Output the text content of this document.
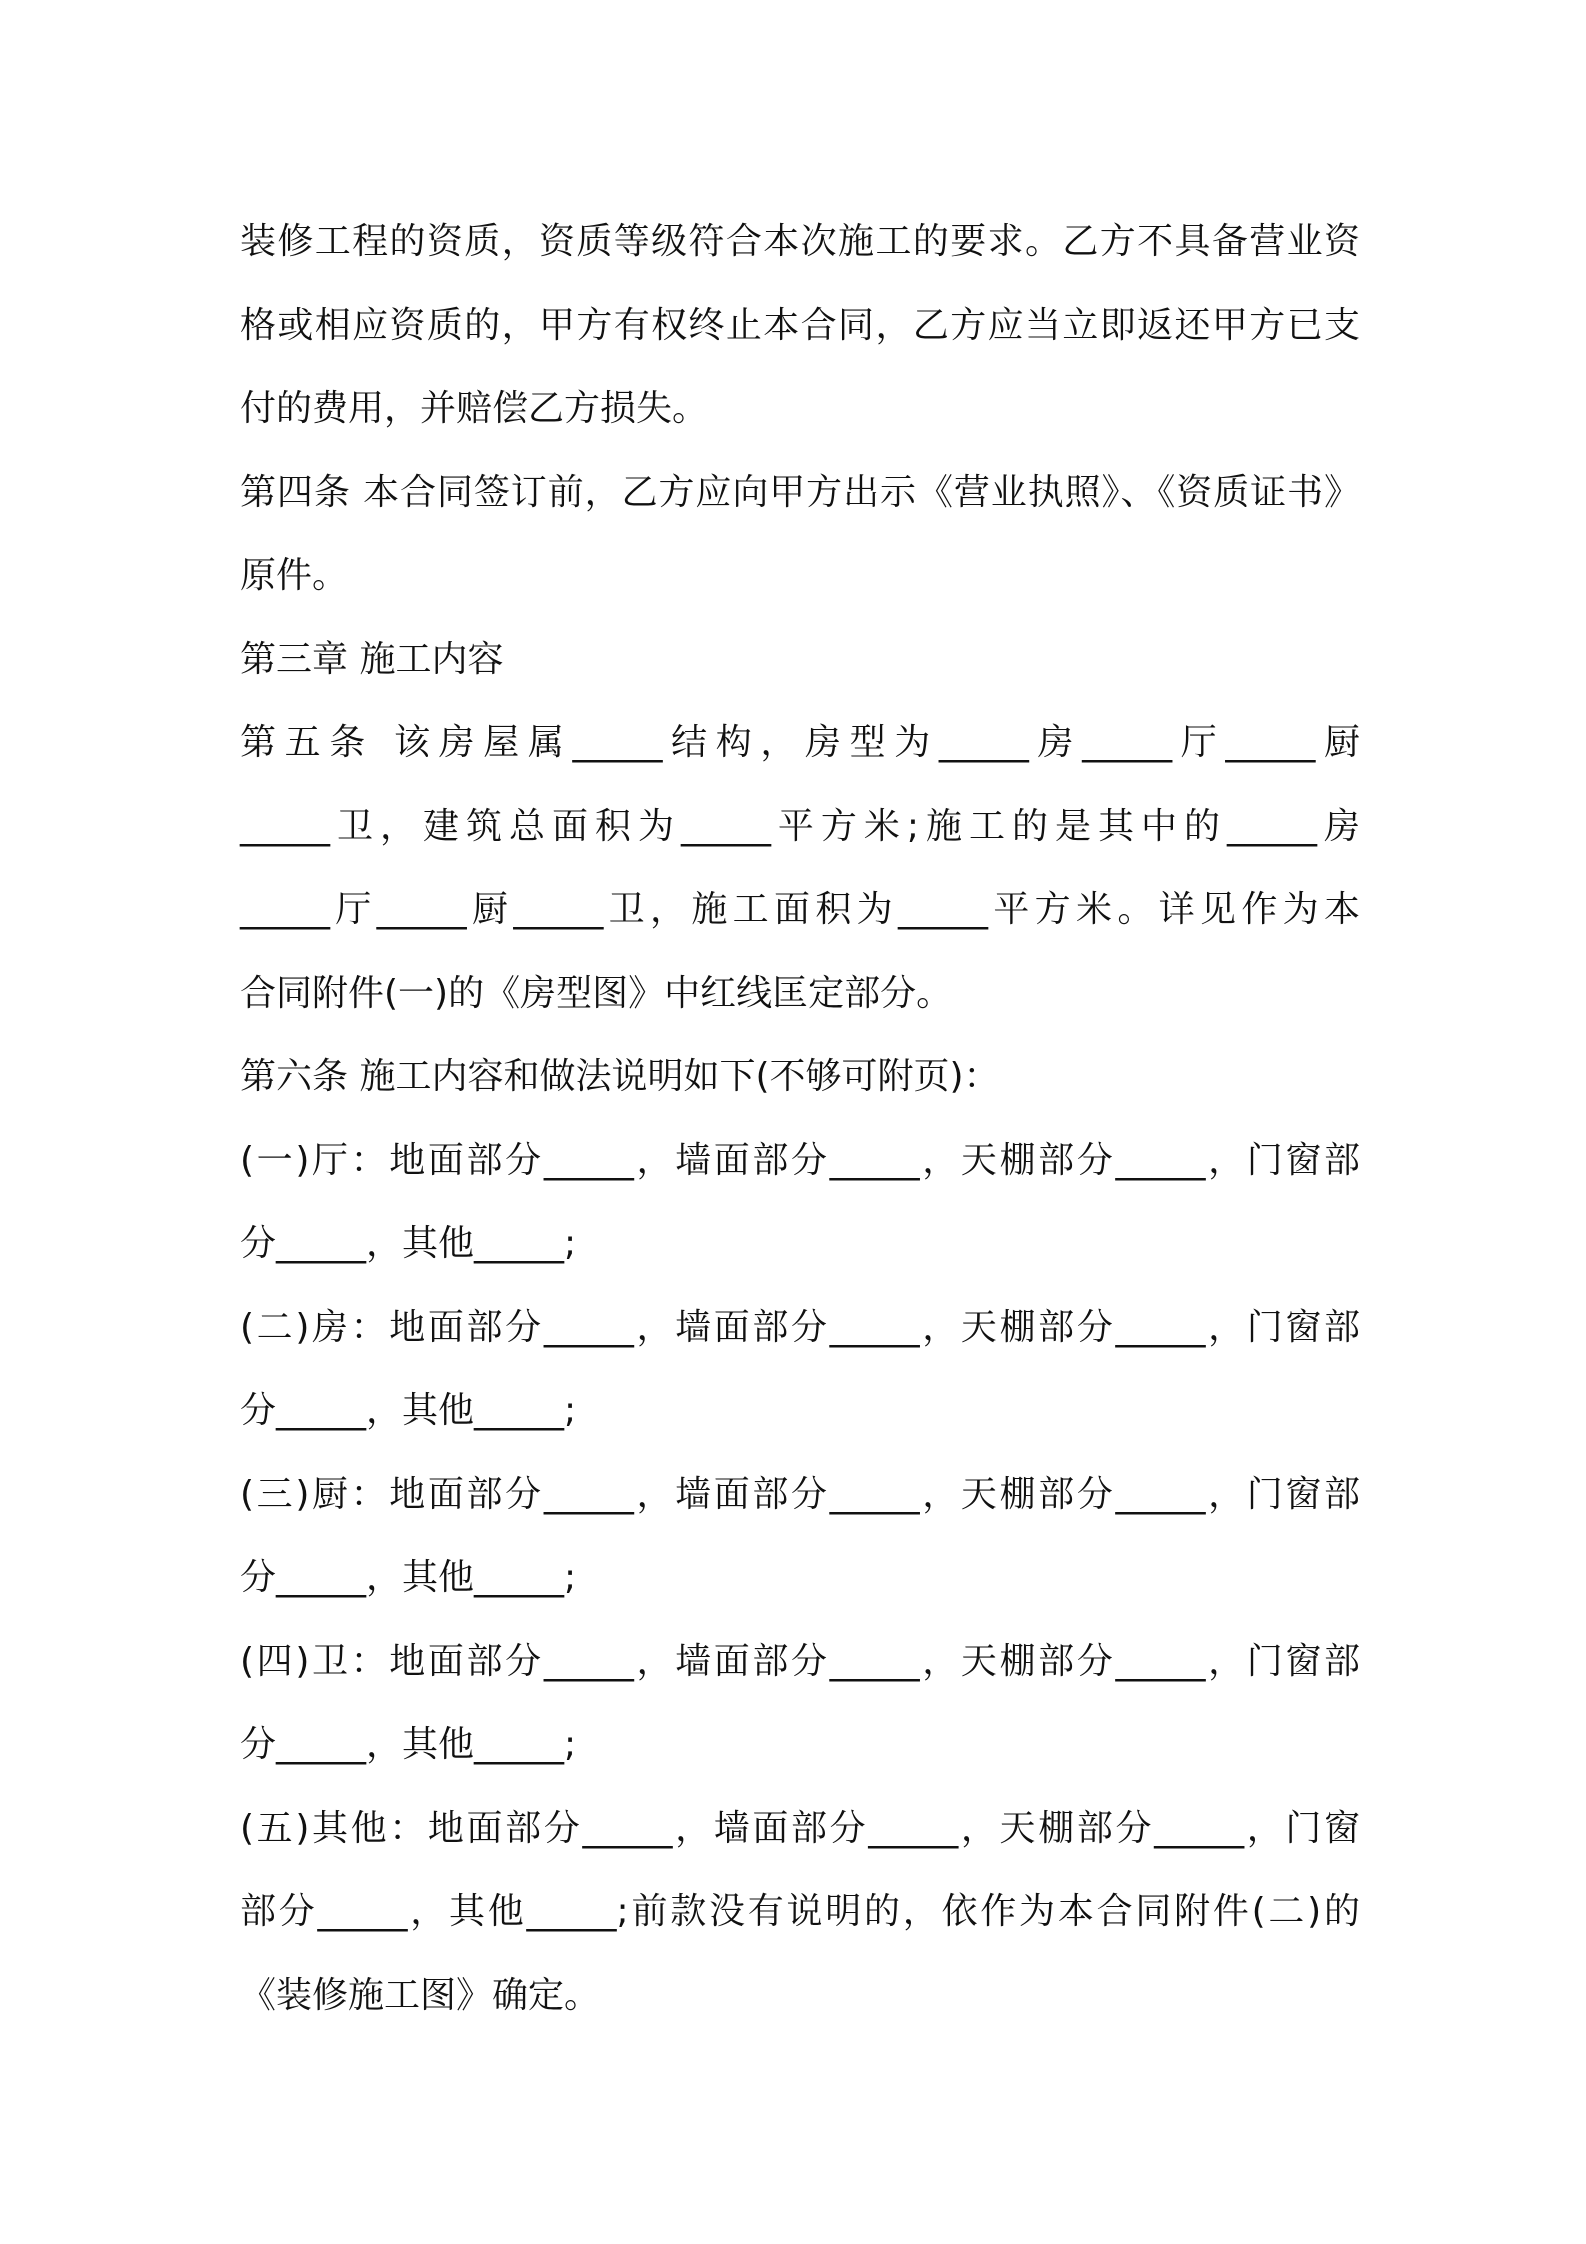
装修工程的资质，资质等级符合本次施工的要求。乙方不具备营业资
格或相应资质的，甲方有权终止本合同，乙方应当立即返还甲方已支
付的费用，并赔偿乙方损失。
第四条 本合同签订前，乙方应向甲方出示《营业执照》、《资质证书》
原件。
第三章 施工内容
第五条 该房屋属_____结构，房型为_____房_____厅_____厨
_____卫，建筑总面积为_____平方米;施工的是其中的_____房
_____厅_____厨_____卫，施工面积为_____平方米。详见作为本
合同附件(一)的《房型图》中红线匡定部分。
第六条 施工内容和做法说明如下(不够可附页)：
(一)厅：地面部分_____，墙面部分_____，天棚部分_____，门窗部
分_____，其他_____;
(二)房：地面部分_____，墙面部分_____，天棚部分_____，门窗部
分_____，其他_____;
(三)厨：地面部分_____，墙面部分_____，天棚部分_____，门窗部
分_____，其他_____;
(四)卫：地面部分_____，墙面部分_____，天棚部分_____，门窗部
分_____，其他_____;
(五)其他：地面部分_____，墙面部分_____，天棚部分_____，门窗
部分_____，其他_____;前款没有说明的，依作为本合同附件(二)的
《装修施工图》确定。
